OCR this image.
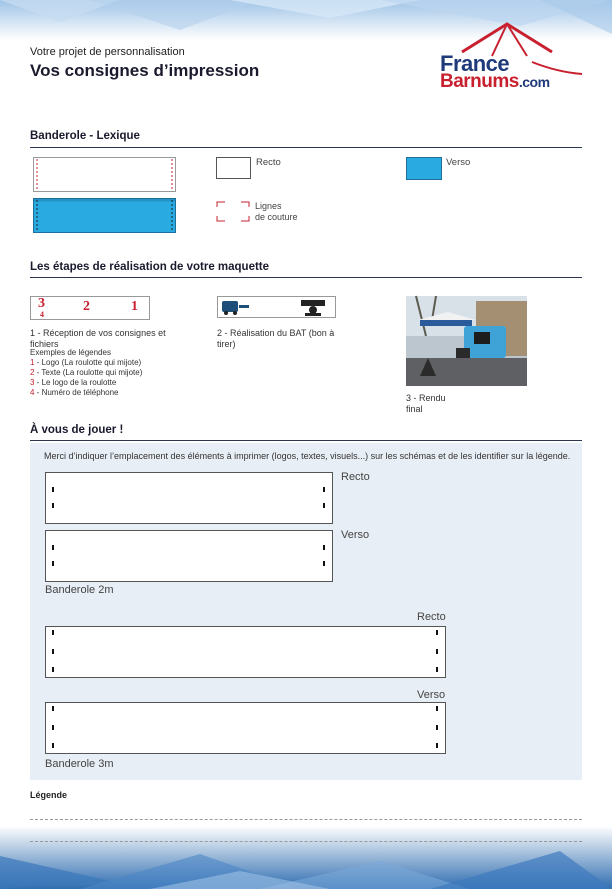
Votre projet de personnalisation
Vos consignes d’impression	France
Barnums.com
Banderole - Lexique
Recto	Verso
Lignes
de couture
Les étapes de réalisation de votre maquette
3
4
2	1
1 - Réception de vos consignes et fichiers
Exemples de légendes
1 - Logo (La roulotte qui mijote)
2 - Texte (La roulotte qui mijote)
3 - Le logo de la roulotte
4 - Numéro de téléphone
2 - Réalisation du BAT (bon à tirer)
3 - Rendu
final
À vous de jouer !
Merci d’indiquer l’emplacement des éléments à imprimer (logos, textes, visuels...) sur les schémas et de les identifier sur la légende.
Recto
Verso
Banderole 2m
Recto
Verso
Banderole 3m
Légende
